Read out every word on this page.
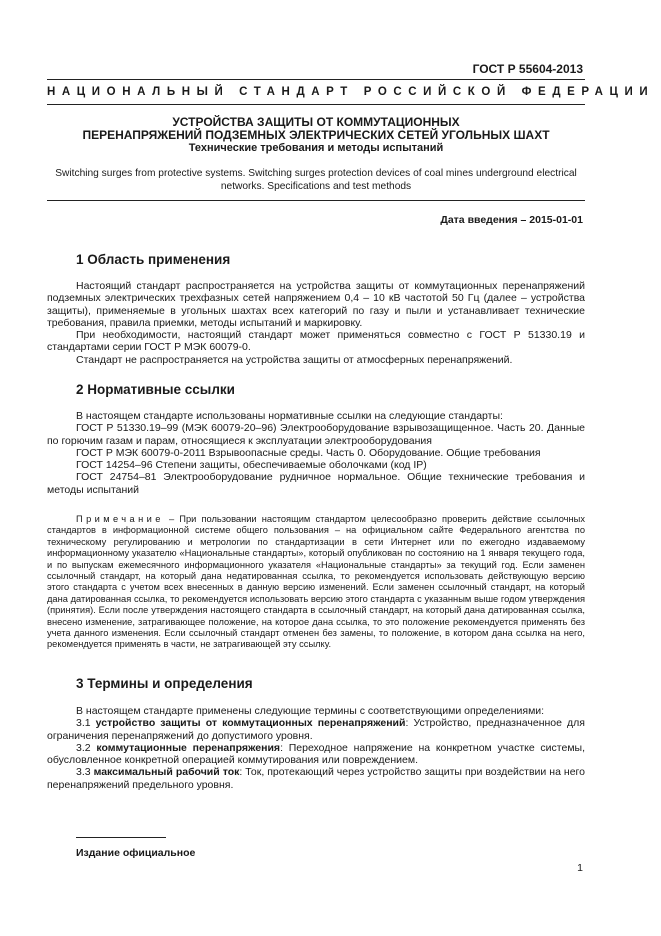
ГОСТ Р 55604-2013
НАЦИОНАЛЬНЫЙ СТАНДАРТ РОССИЙСКОЙ ФЕДЕРАЦИИ
УСТРОЙСТВА ЗАЩИТЫ ОТ КОММУТАЦИОННЫХ
ПЕРЕНАПРЯЖЕНИЙ ПОДЗЕМНЫХ ЭЛЕКТРИЧЕСКИХ СЕТЕЙ УГОЛЬНЫХ ШАХТ
Технические требования и методы испытаний
Switching surges from protective systems. Switching surges protection devices of coal mines underground electrical networks. Specifications and test methods
Дата введения – 2015-01-01
1 Область применения

Настоящий стандарт распространяется на устройства защиты от коммутационных перенапряжений подземных электрических трехфазных сетей напряжением 0,4 – 10 кВ частотой 50 Гц (далее – устройства защиты), применяемые в угольных шахтах всех категорий по газу и пыли и устанавливает технические требования, правила приемки, методы испытаний и маркировку.

При необходимости, настоящий стандарт может применяться совместно с ГОСТ Р 51330.19 и стандартами серии ГОСТ Р МЭК 60079-0.

Стандарт не распространяется на устройства защиты от атмосферных перенапряжений.

2 Нормативные ссылки

В настоящем стандарте использованы нормативные ссылки на следующие стандарты:

ГОСТ Р 51330.19–99 (МЭК 60079-20–96) Электрооборудование взрывозащищенное. Часть 20. Данные по горючим газам и парам, относящиеся к эксплуатации электрооборудования

ГОСТ Р МЭК 60079-0-2011 Взрывоопасные среды. Часть 0. Оборудование. Общие требования

ГОСТ 14254–96 Степени защиты, обеспечиваемые оболочками (код IP)

ГОСТ 24754–81 Электрооборудование рудничное нормальное. Общие технические требования и методы испытаний

Примечание – При пользовании настоящим стандартом целесообразно проверить действие ссылочных стандартов в информационной системе общего пользования – на официальном сайте Федерального агентства по техническому регулированию и метрологии по стандартизации в сети Интернет или по ежегодно издаваемому информационному указателю «Национальные стандарты», который опубликован по состоянию на 1 января текущего года, и по выпускам ежемесячного информационного указателя «Национальные стандарты» за текущий год. Если заменен ссылочный стандарт, на который дана недатированная ссылка, то рекомендуется использовать действующую версию этого стандарта с учетом всех внесенных в данную версию изменений. Если заменен ссылочный стандарт, на который дана датированная ссылка, то рекомендуется использовать версию этого стандарта с указанным выше годом утверждения (принятия). Если после утверждения настоящего стандарта в ссылочный стандарт, на который дана датированная ссылка, внесено изменение, затрагивающее положение, на которое дана ссылка, то это положение рекомендуется применять без учета данного изменения. Если ссылочный стандарт отменен без замены, то положение, в котором дана ссылка на него, рекомендуется применять в части, не затрагивающей эту ссылку.

3 Термины и определения

В настоящем стандарте применены следующие термины с соответствующими определениями:

3.1 устройство защиты от коммутационных перенапряжений: Устройство, предназначенное для ограничения перенапряжений до допустимого уровня.

3.2 коммутационные перенапряжения: Переходное напряжение на конкретном участке системы, обусловленное конкретной операцией коммутирования или повреждением.

3.3 максимальный рабочий ток: Ток, протекающий через устройство защиты при воздействии на него перенапряжений предельного уровня.

Издание официальное
1
